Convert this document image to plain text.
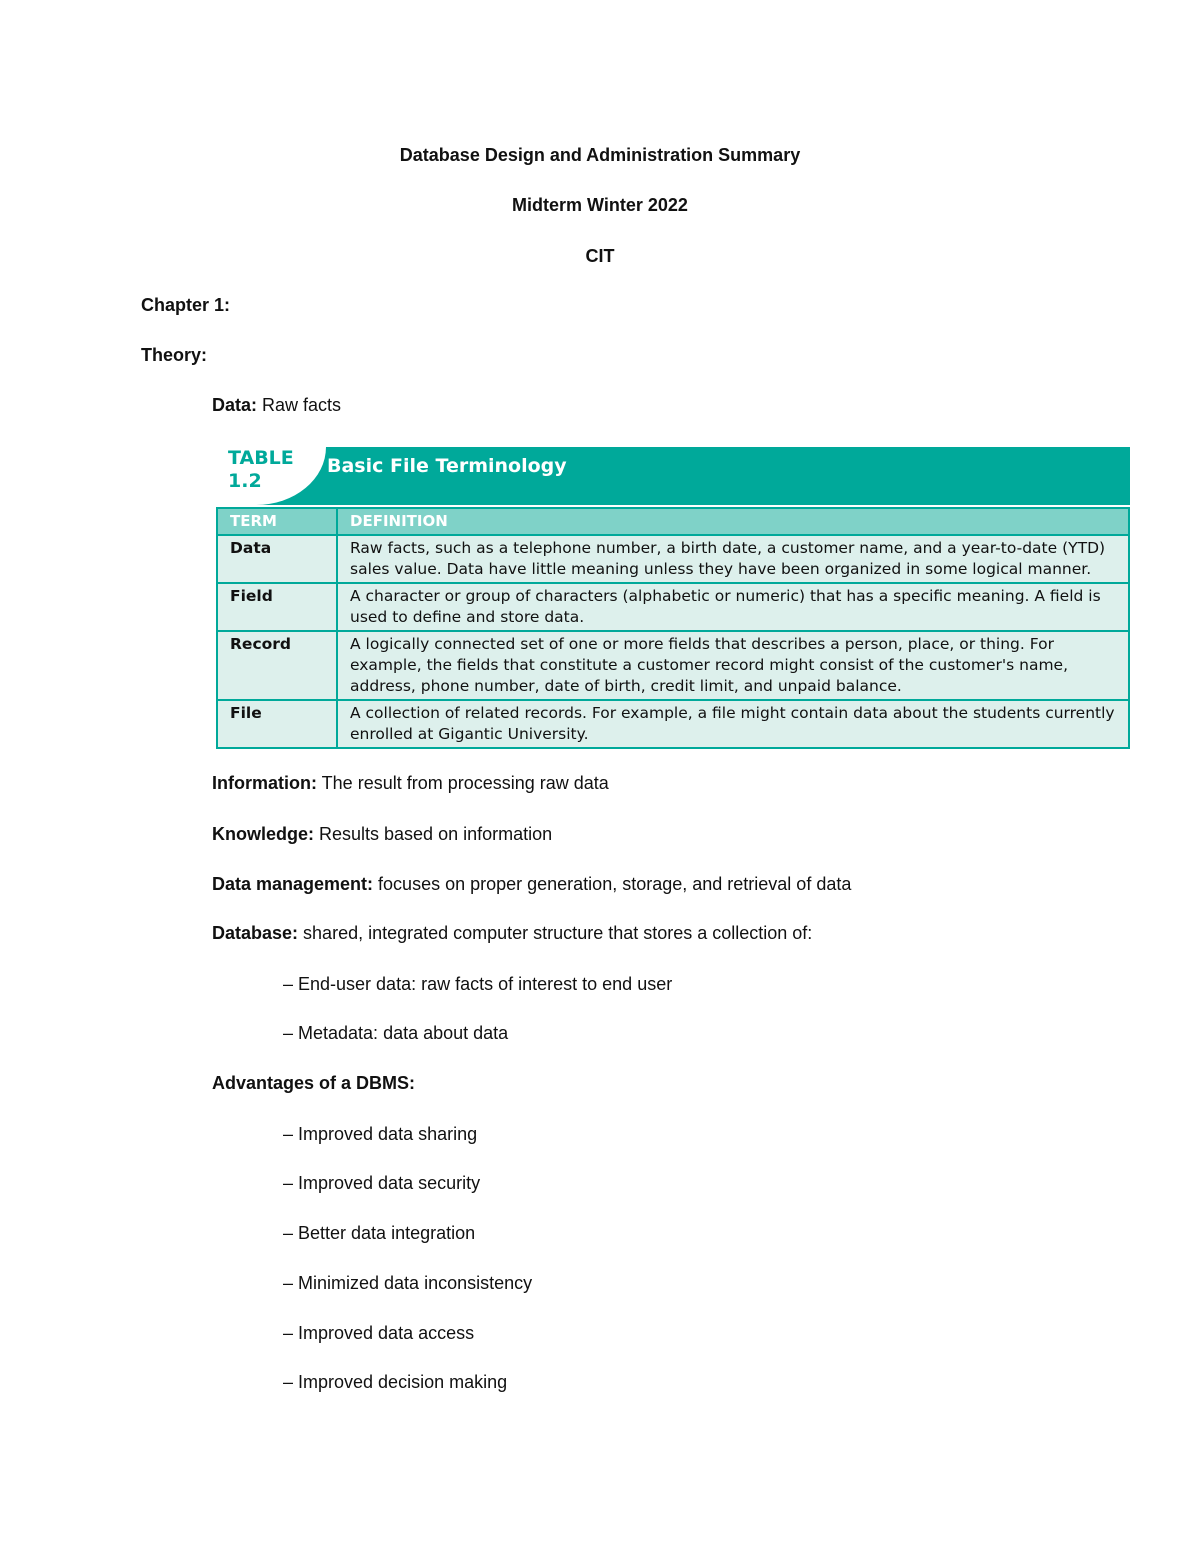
Database Design and Administration Summary
Midterm Winter 2022
CIT
Chapter 1:
Theory:
Data: Raw facts
TABLE
1.2
Basic File Terminology
TERM	DEFINITION
Data	Raw facts, such as a telephone number, a birth date, a customer name, and a year-to-date (YTD) sales value. Data have little meaning unless they have been organized in some logical manner.
Field	A character or group of characters (alphabetic or numeric) that has a specific meaning. A field is used to define and store data.
Record	A logically connected set of one or more fields that describes a person, place, or thing. For example, the fields that constitute a customer record might consist of the customer's name, address, phone number, date of birth, credit limit, and unpaid balance.
File	A collection of related records. For example, a file might contain data about the students currently enrolled at Gigantic University.
Information: The result from processing raw data
Knowledge: Results based on information
Data management: focuses on proper generation, storage, and retrieval of data
Database: shared, integrated computer structure that stores a collection of:
– End-user data: raw facts of interest to end user
– Metadata: data about data
Advantages of a DBMS:
– Improved data sharing
– Improved data security
– Better data integration
– Minimized data inconsistency
– Improved data access
– Improved decision making
